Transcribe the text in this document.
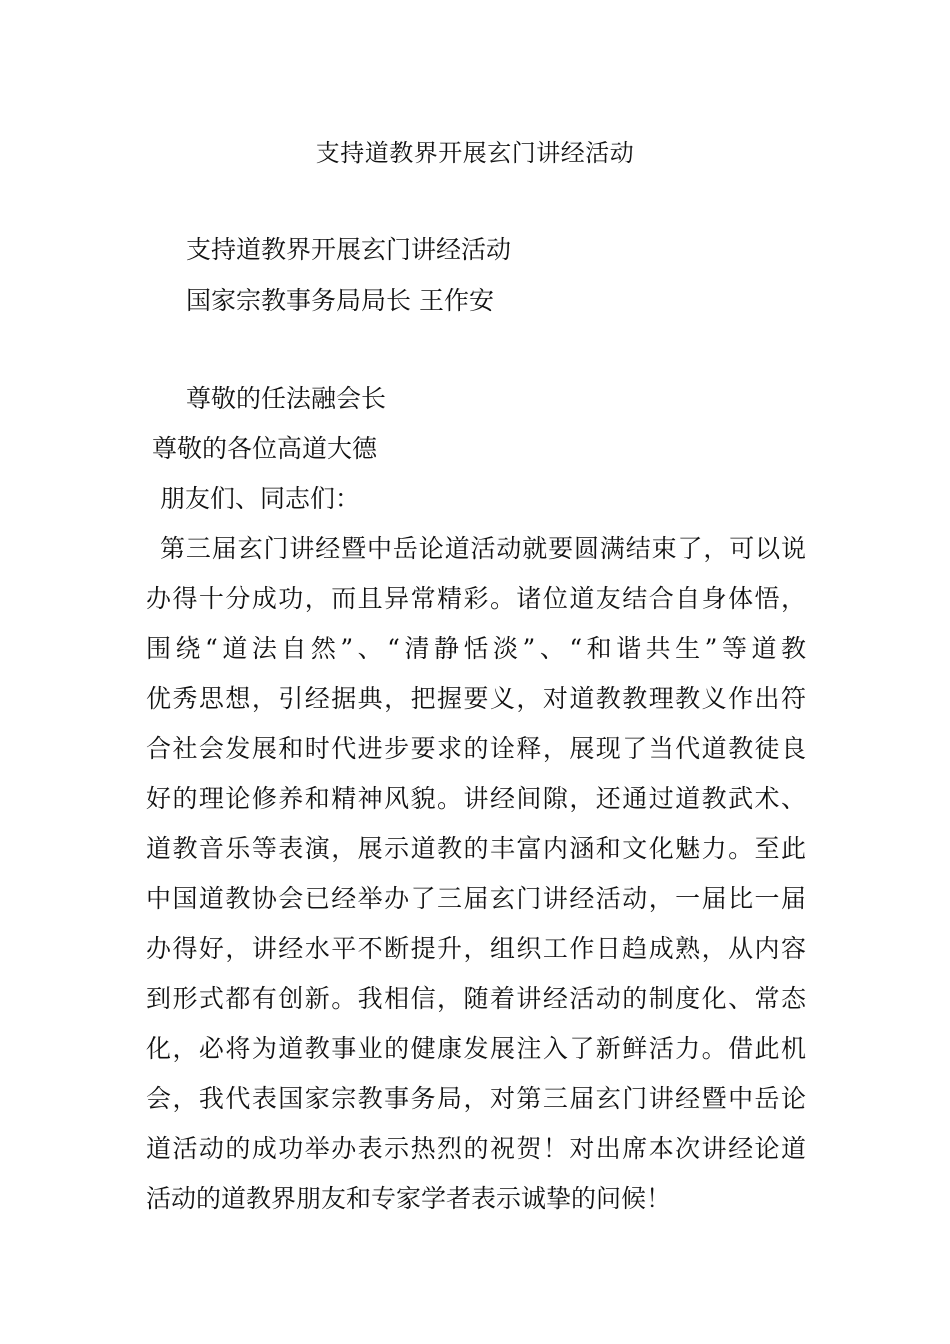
支持道教界开展玄门讲经活动
支持道教界开展玄门讲经活动
国家宗教事务局局长 王作安
尊敬的任法融会长
尊敬的各位高道大德
朋友们、同志们：
第三届玄门讲经暨中岳论道活动就要圆满结束了，可以说
办得十分成功，而且异常精彩。诸位道友结合自身体悟，
围绕“道法自然”、“清静恬淡”、“和谐共生”等道教
优秀思想，引经据典，把握要义，对道教教理教义作出符
合社会发展和时代进步要求的诠释，展现了当代道教徒良
好的理论修养和精神风貌。讲经间隙，还通过道教武术、
道教音乐等表演，展示道教的丰富内涵和文化魅力。至此
中国道教协会已经举办了三届玄门讲经活动，一届比一届
办得好，讲经水平不断提升，组织工作日趋成熟，从内容
到形式都有创新。我相信，随着讲经活动的制度化、常态
化，必将为道教事业的健康发展注入了新鲜活力。借此机
会，我代表国家宗教事务局，对第三届玄门讲经暨中岳论
道活动的成功举办表示热烈的祝贺！对出席本次讲经论道
活动的道教界朋友和专家学者表示诚挚的问候！
